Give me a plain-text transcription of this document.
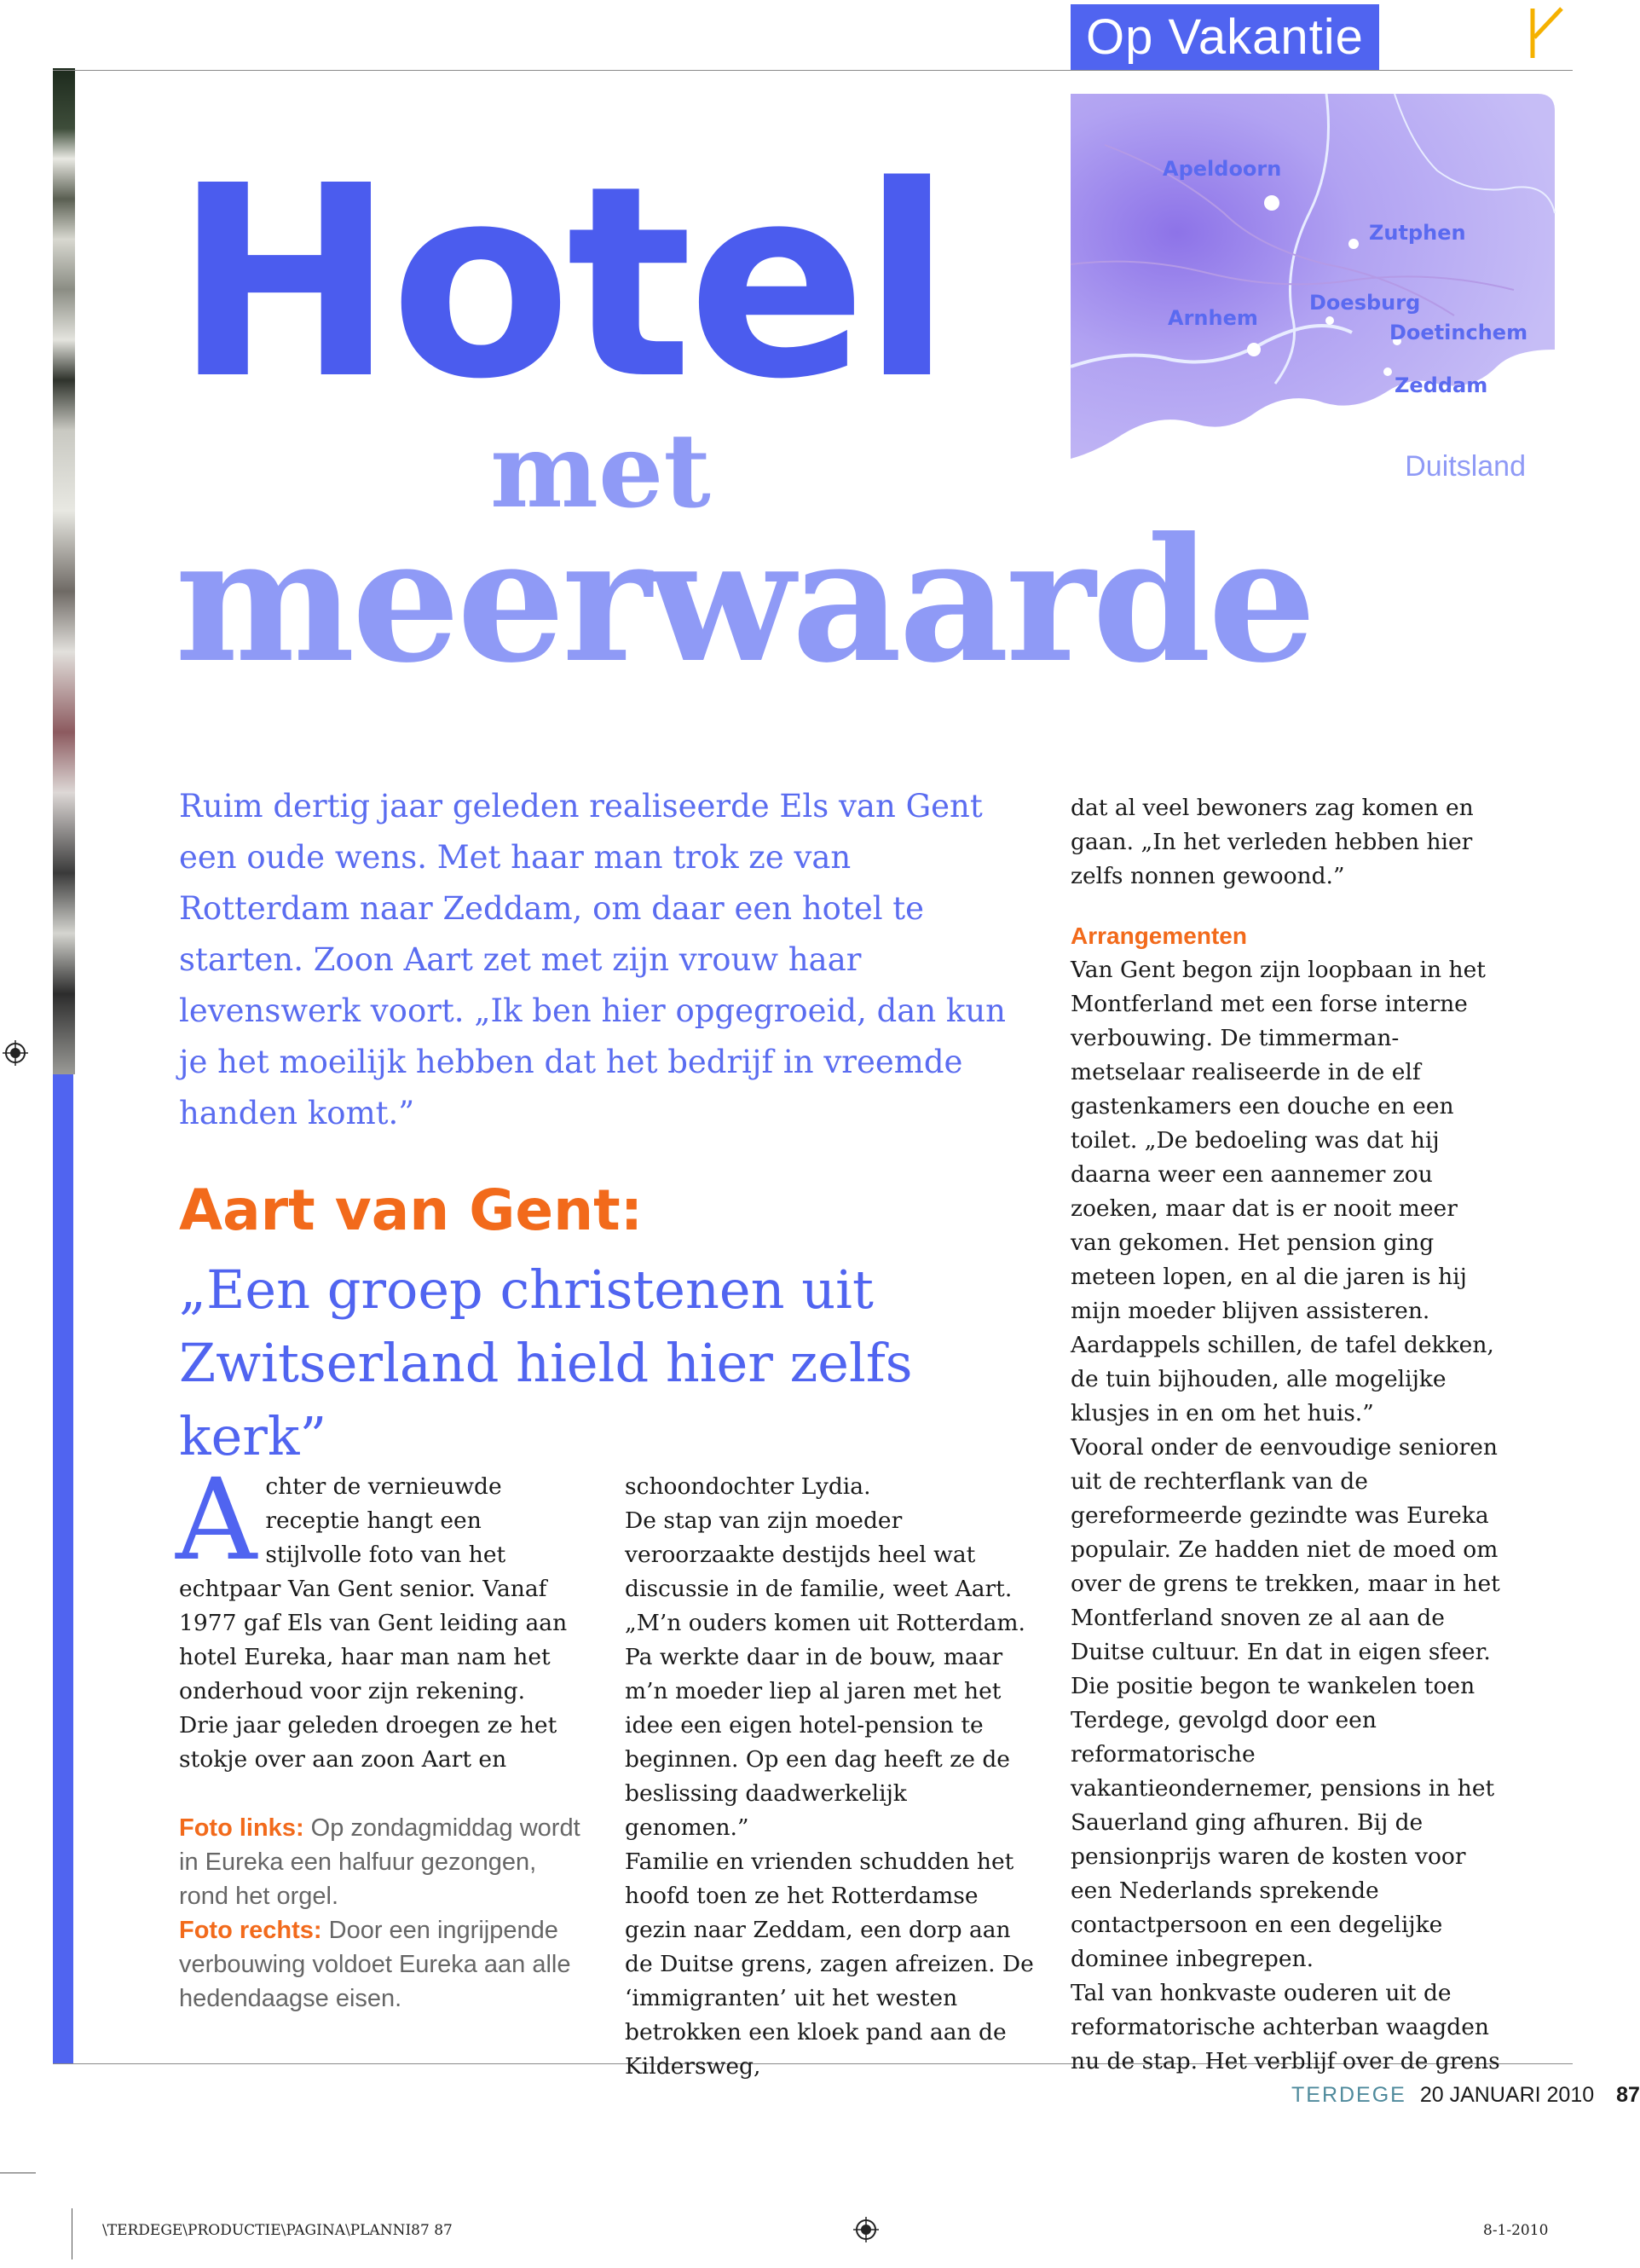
Op Vakantie
Hotel
met
meerwaarde
Apeldoorn
Zutphen
Arnhem
Doesburg
Doetinchem
Zeddam
Duitsland

Ruim dertig jaar geleden realiseerde Els van Gent een oude wens. Met haar man trok ze van Rotterdam naar Zeddam, om daar een hotel te starten. Zoon Aart zet met zijn vrouw haar levenswerk voort. „Ik ben hier opgegroeid, dan kun je het moeilijk hebben dat het bedrijf in vreemde handen komt.”

Aart van Gent:

„Een groep christenen uit Zwitserland hield hier zelfs kerk”

A chter de vernieuwde receptie hangt een stijlvolle foto van het echtpaar Van Gent senior. Vanaf 1977 gaf Els van Gent leiding aan hotel Eureka, haar man nam het onderhoud voor zijn rekening. Drie jaar geleden droegen ze het stokje over aan zoon Aart en

Foto links: Op zondagmiddag wordt in Eureka een halfuur gezongen, rond het orgel.

Foto rechts: Door een ingrijpende verbouwing voldoet Eureka aan alle hedendaagse eisen.

schoondochter Lydia.

De stap van zijn moeder veroorzaakte destijds heel wat discussie in de familie, weet Aart. „M’n ouders komen uit Rotterdam. Pa werkte daar in de bouw, maar m’n moeder liep al jaren met het idee een eigen hotel-pension te beginnen. Op een dag heeft ze de beslissing daadwerkelijk genomen.”

Familie en vrienden schudden het hoofd toen ze het Rotterdamse gezin naar Zeddam, een dorp aan de Duitse grens, zagen afreizen. De ‘immigranten’ uit het westen betrokken een kloek pand aan de Kildersweg,

dat al veel bewoners zag komen en gaan. „In het verleden hebben hier zelfs nonnen gewoond.”

Arrangementen

Van Gent begon zijn loopbaan in het Montferland met een forse interne verbouwing. De timmerman-metselaar realiseerde in de elf gastenkamers een douche en een toilet. „De bedoeling was dat hij daarna weer een aannemer zou zoeken, maar dat is er nooit meer van gekomen. Het pension ging meteen lopen, en al die jaren is hij mijn moeder blijven assisteren. Aardappels schillen, de tafel dekken, de tuin bijhouden, alle mogelijke klusjes in en om het huis.”

Vooral onder de eenvoudige senioren uit de rechterflank van de gereformeerde gezindte was Eureka populair. Ze hadden niet de moed om over de grens te trekken, maar in het Montferland snoven ze al aan de Duitse cultuur. En dat in eigen sfeer. Die positie begon te wankelen toen Terdege, gevolgd door een reformatorische vakantieondernemer, pensions in het Sauerland ging afhuren. Bij de pensionprijs waren de kosten voor een Nederlands sprekende contactpersoon en een degelijke dominee inbegrepen.

Tal van honkvaste ouderen uit de reformatorische achterban waagden nu de stap. Het verblijf over de grens

TERDEGE 20 JANUARI 2010 87
\TERDEGE\PRODUCTIE\PAGINA\PLANNI87 87	8-1-2010
